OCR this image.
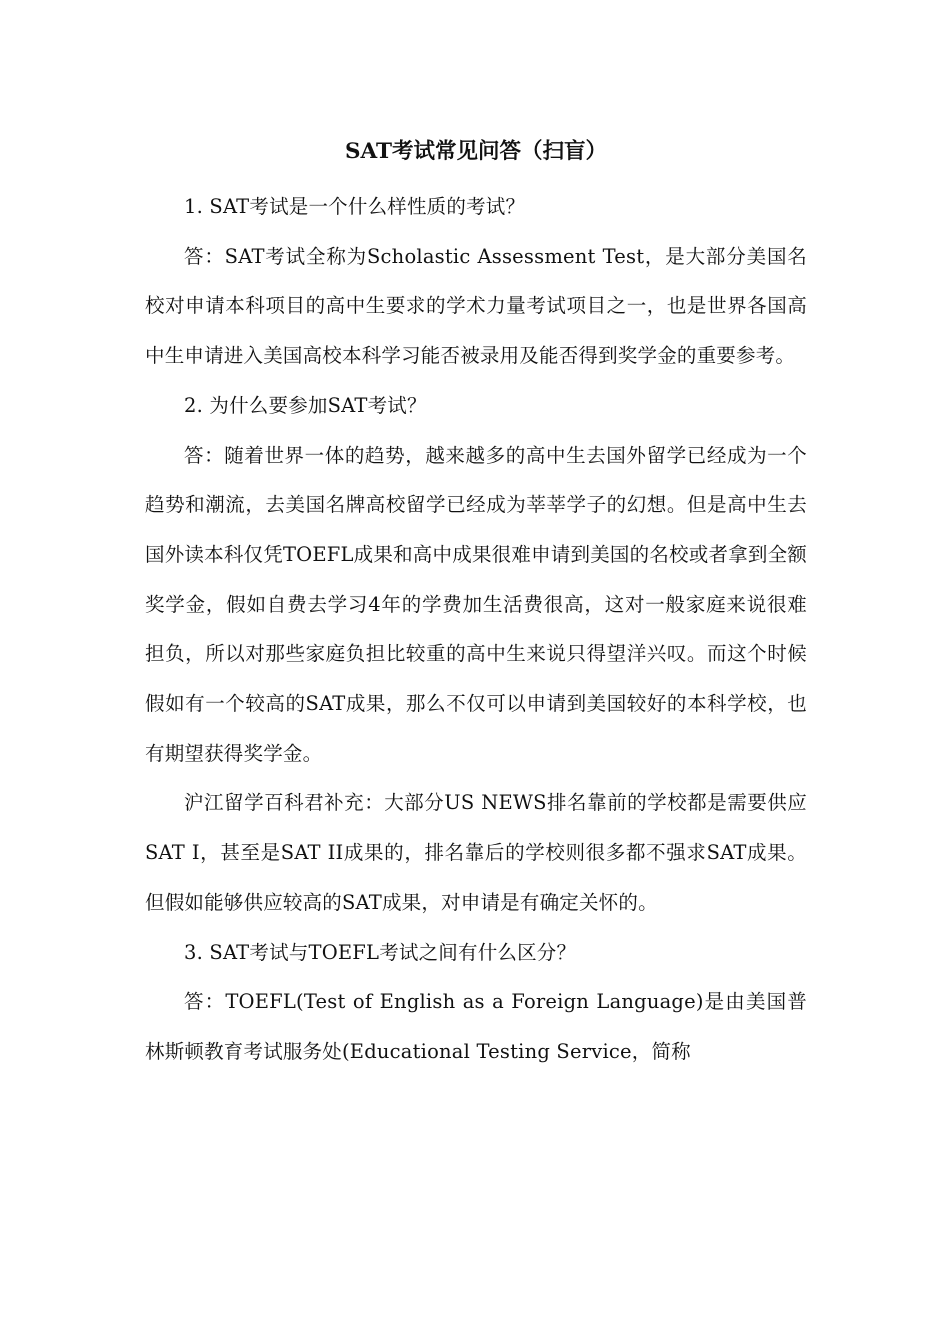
SAT考试常见问答（扫盲）

1. SAT考试是一个什么样性质的考试？

答：SAT考试全称为Scholastic Assessment Test，是大部分美国名校对申请本科项目的高中生要求的学术力量考试项目之一，也是世界各国高中生申请进入美国高校本科学习能否被录用及能否得到奖学金的重要参考。

2. 为什么要参加SAT考试？

答：随着世界一体的趋势，越来越多的高中生去国外留学已经成为一个趋势和潮流，去美国名牌高校留学已经成为莘莘学子的幻想。但是高中生去国外读本科仅凭TOEFL成果和高中成果很难申请到美国的名校或者拿到全额奖学金，假如自费去学习4年的学费加生活费很高，这对一般家庭来说很难担负，所以对那些家庭负担比较重的高中生来说只得望洋兴叹。而这个时候假如有一个较高的SAT成果，那么不仅可以申请到美国较好的本科学校，也有期望获得奖学金。

沪江留学百科君补充：大部分US NEWS排名靠前的学校都是需要供应SAT I，甚至是SAT II成果的，排名靠后的学校则很多都不强求SAT成果。但假如能够供应较高的SAT成果，对申请是有确定关怀的。

3. SAT考试与TOEFL考试之间有什么区分？

答：TOEFL(Test of English as a Foreign Language)是由美国普林斯顿教育考试服务处(Educational Testing Service，简称
